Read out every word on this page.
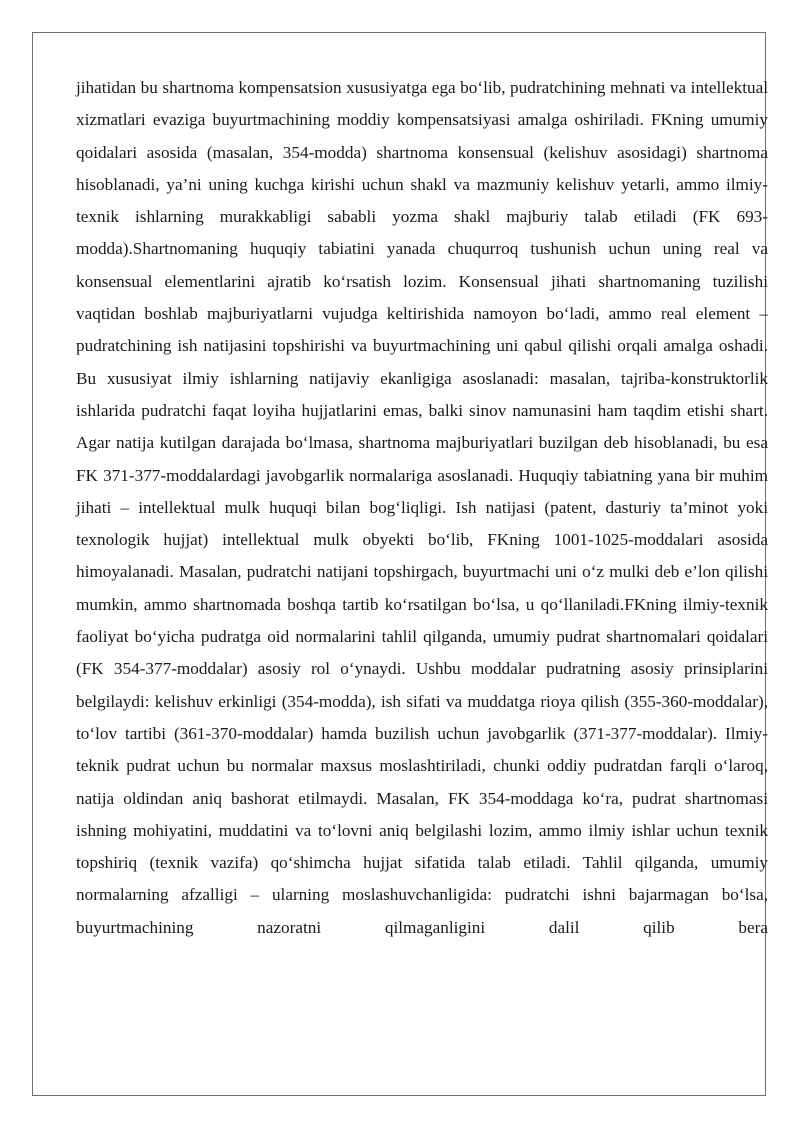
jihatidan bu shartnoma kompensatsion xususiyatga ega bo‘lib, pudratchining mehnati va intellektual xizmatlari evaziga buyurtmachining moddiy kompensatsiyasi amalga oshiriladi. FKning umumiy qoidalari asosida (masalan, 354-modda) shartnoma konsensual (kelishuv asosidagi) shartnoma hisoblanadi, ya’ni uning kuchga kirishi uchun shakl va mazmuniy kelishuv yetarli, ammo ilmiy-texnik ishlarning murakkabligi sababli yozma shakl majburiy talab etiladi (FK 693-modda).Shartnomaning huquqiy tabiatini yanada chuqurroq tushunish uchun uning real va konsensual elementlarini ajratib ko‘rsatish lozim. Konsensual jihati shartnomaning tuzilishi vaqtidan boshlab majburiyatlarni vujudga keltirishida namoyon bo‘ladi, ammo real element – pudratchining ish natijasini topshirishi va buyurtmachining uni qabul qilishi orqali amalga oshadi. Bu xususiyat ilmiy ishlarning natijaviy ekanligiga asoslanadi: masalan, tajriba-konstruktorlik ishlarida pudratchi faqat loyiha hujjatlarini emas, balki sinov namunasini ham taqdim etishi shart. Agar natija kutilgan darajada bo‘lmasa, shartnoma majburiyatlari buzilgan deb hisoblanadi, bu esa FK 371-377-moddalardagi javobgarlik normalariga asoslanadi. Huquqiy tabiatning yana bir muhim jihati – intellektual mulk huquqi bilan bog‘liqligi. Ish natijasi (patent, dasturiy ta’minot yoki texnologik hujjat) intellektual mulk obyekti bo‘lib, FKning 1001-1025-moddalari asosida himoyalanadi. Masalan, pudratchi natijani topshirgach, buyurtmachi uni o‘z mulki deb e’lon qilishi mumkin, ammo shartnomada boshqa tartib ko‘rsatilgan bo‘lsa, u qo‘llaniladi.FKning ilmiy-texnik faoliyat bo‘yicha pudratga oid normalarini tahlil qilganda, umumiy pudrat shartnomalari qoidalari (FK 354-377-moddalar) asosiy rol o‘ynaydi. Ushbu moddalar pudratning asosiy prinsiplarini belgilaydi: kelishuv erkinligi (354-modda), ish sifati va muddatga rioya qilish (355-360-moddalar), to‘lov tartibi (361-370-moddalar) hamda buzilish uchun javobgarlik (371-377-moddalar). Ilmiy-teknik pudrat uchun bu normalar maxsus moslashtiriladi, chunki oddiy pudratdan farqli o‘laroq, natija oldindan aniq bashorat etilmaydi. Masalan, FK 354-moddaga ko‘ra, pudrat shartnomasi ishning mohiyatini, muddatini va to‘lovni aniq belgilashi lozim, ammo ilmiy ishlar uchun texnik topshiriq (texnik vazifa) qo‘shimcha hujjat sifatida talab etiladi. Tahlil qilganda, umumiy normalarning afzalligi – ularning moslashuvchanligida: pudratchi ishni bajarmagan bo‘lsa, buyurtmachining nazoratni qilmaganligini dalil qilib bera
